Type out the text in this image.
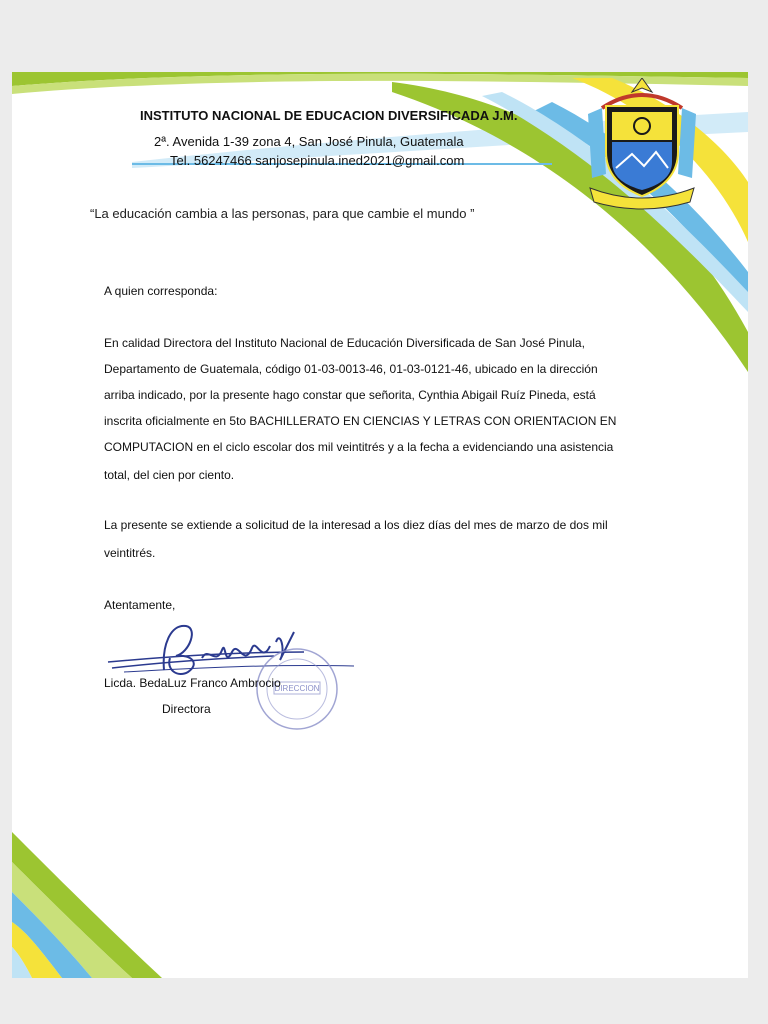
INSTITUTO NACIONAL DE EDUCACION DIVERSIFICADA J.M.
2ª. Avenida 1-39 zona 4, San José Pinula, Guatemala
Tel. 56247466 sanjosepinula.ined2021@gmail.com
“La educación cambia a las personas, para que cambie el mundo ”
A quien corresponda:
En calidad Directora del Instituto Nacional de Educación Diversificada de San José Pinula,
Departamento de Guatemala, código 01-03-0013-46, 01-03-0121-46, ubicado en la dirección
arriba indicado, por la presente hago constar que señorita, Cynthia Abigail Ruíz Pineda, está
inscrita oficialmente en 5to BACHILLERATO EN CIENCIAS Y LETRAS CON ORIENTACION EN
COMPUTACION en el ciclo escolar dos mil veintitrés y a la fecha a evidenciando una asistencia
total, del cien por ciento.
La presente se extiende a solicitud de la interesad a los diez días del mes de marzo de dos mil
veintitrés.
Atentamente,
DIRECCION
Licda. BedaLuz Franco Ambrocio
Directora
